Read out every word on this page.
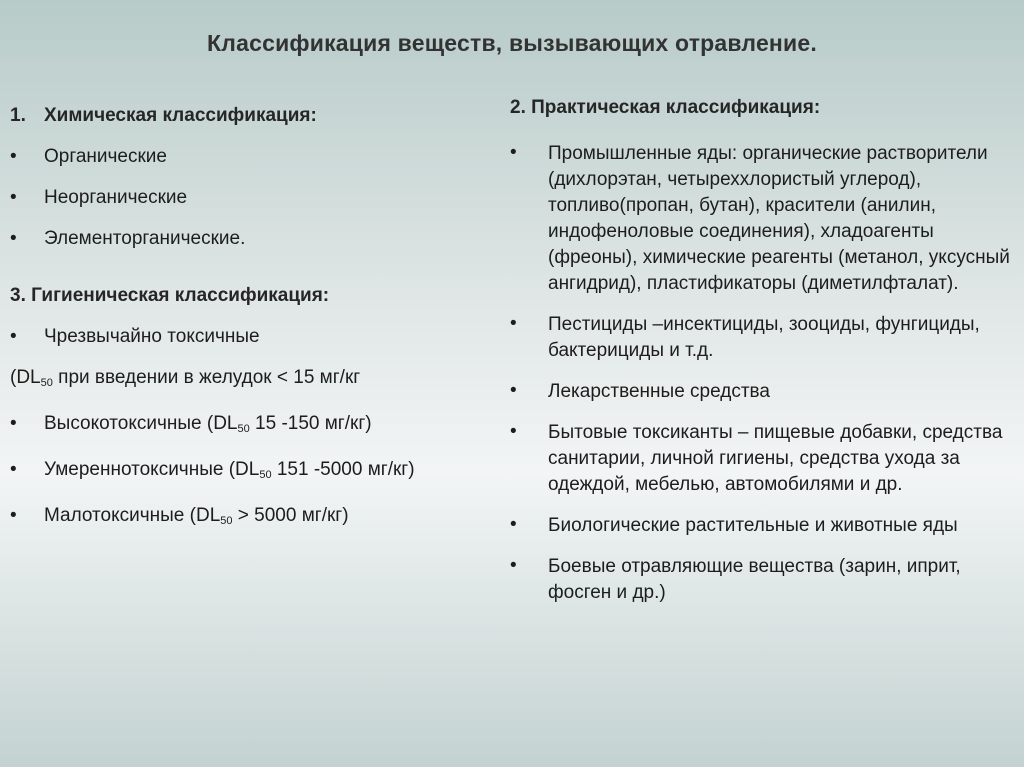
Классификация веществ, вызывающих отравление.
1. Химическая классификация:
•	Органические
•	Неорганические
•	Элементорганические.
3. Гигиеническая классификация:
•	Чрезвычайно токсичные
($DL_{50}$ при введении в желудок < 15 мг/кг
•	Высокотоксичные ($DL_{50}$ 15 -150 мг/кг)
•	Умереннотоксичные ($DL_{50}$ 151 -5000 мг/кг)
•	Малотоксичные ($DL_{50} > 5000$ мг/кг)
2. Практическая классификация:
•	Промышленные яды: органические растворители (дихлорэтан, четыреххлористый углерод), топливо(пропан, бутан), красители (анилин, индофеноловые соединения), хладоагенты (фреоны), химические реагенты (метанол, уксусный ангидрид), пластификаторы (диметилфталат).
•	Пестициды –инсектициды, зооциды, фунгициды, бактерициды и т.д.
•	Лекарственные средства
•	Бытовые токсиканты – пищевые добавки, средства санитарии, личной гигиены, средства ухода за одеждой, мебелью, автомобилями и др.
•	Биологические растительные и животные яды
•	Боевые отравляющие вещества (зарин, иприт, фосген и др.)
